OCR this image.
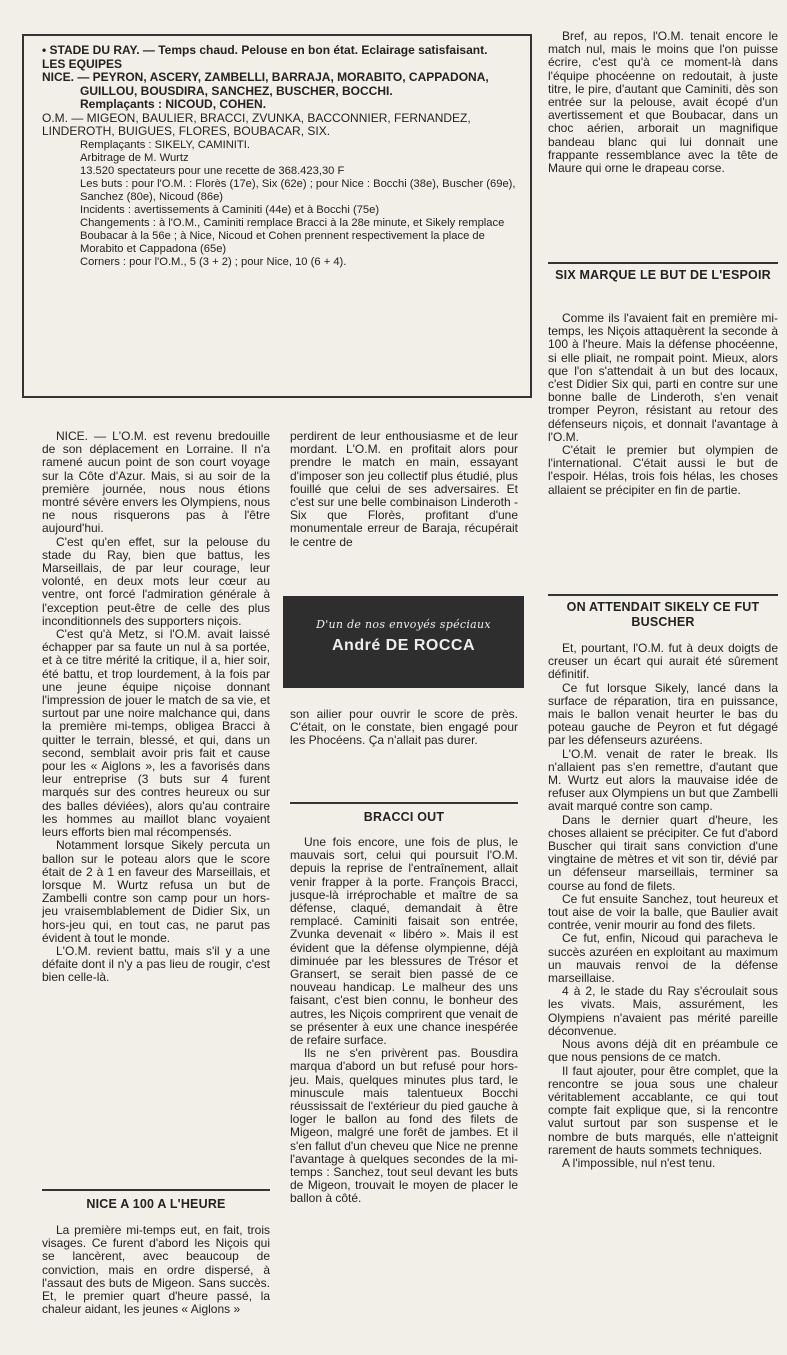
• STADE DU RAY. — Temps chaud. Pelouse en bon état. Eclairage satisfaisant.

LES EQUIPES

NICE. — PEYRON, ASCERY, ZAMBELLI, BARRAJA, MORABITO, CAPPADONA, GUILLOU, BOUSDIRA, SANCHEZ, BUSCHER, BOCCHI.

Remplaçants : NICOUD, COHEN.

O.M. — MIGEON, BAULIER, BRACCI, ZVUNKA, BACCONNIER, FERNANDEZ, LINDEROTH, BUIGUES, FLORES, BOUBACAR, SIX.

Remplaçants : SIKELY, CAMINITI.

Arbitrage de M. Wurtz

13.520 spectateurs pour une recette de 368.423,30 F

Les buts : pour l'O.M. : Florès (17e), Six (62e) ; pour Nice : Bocchi (38e), Buscher (69e), Sanchez (80e), Nicoud (86e)

Incidents : avertissements à Caminiti (44e) et à Bocchi (75e)

Changements : à l'O.M., Caminiti remplace Bracci à la 28e minute, et Sikely remplace Boubacar à la 56e ; à Nice, Nicoud et Cohen prennent respectivement la place de Morabito et Cappadona (65e)

Corners : pour l'O.M., 5 (3 + 2) ; pour Nice, 10 (6 + 4).

NICE. — L'O.M. est revenu bredouille de son déplacement en Lorraine. Il n'a ramené aucun point de son court voyage sur la Côte d'Azur. Mais, si au soir de la première journée, nous nous étions montré sévère envers les Olympiens, nous ne nous risquerons pas à l'être aujourd'hui.

C'est qu'en effet, sur la pelouse du stade du Ray, bien que battus, les Marseillais, de par leur courage, leur volonté, en deux mots leur cœur au ventre, ont forcé l'admiration générale à l'exception peut-être de celle des plus inconditionnels des supporters niçois.

C'est qu'à Metz, si l'O.M. avait laissé échapper par sa faute un nul à sa portée, et à ce titre mérité la critique, il a, hier soir, été battu, et trop lourdement, à la fois par une jeune équipe niçoise donnant l'impression de jouer le match de sa vie, et surtout par une noire malchance qui, dans la première mi-temps, obligea Bracci à quitter le terrain, blessé, et qui, dans un second, semblait avoir pris fait et cause pour les « Aiglons », les a favorisés dans leur entreprise (3 buts sur 4 furent marqués sur des contres heureux ou sur des balles déviées), alors qu'au contraire les hommes au maillot blanc voyaient leurs efforts bien mal récompensés.

Notamment lorsque Sikely percuta un ballon sur le poteau alors que le score était de 2 à 1 en faveur des Marseillais, et lorsque M. Wurtz refusa un but de Zambelli contre son camp pour un hors-jeu vraisemblablement de Didier Six, un hors-jeu qui, en tout cas, ne parut pas évident à tout le monde.

L'O.M. revient battu, mais s'il y a une défaite dont il n'y a pas lieu de rougir, c'est bien celle-là.

NICE A 100 A L'HEURE

La première mi-temps eut, en fait, trois visages. Ce furent d'abord les Niçois qui se lancèrent, avec beaucoup de conviction, mais en ordre dispersé, à l'assaut des buts de Migeon. Sans succès. Et, le premier quart d'heure passé, la chaleur aidant, les jeunes « Aiglons »

perdirent de leur enthousiasme et de leur mordant. L'O.M. en profitait alors pour prendre le match en main, essayant d'imposer son jeu collectif plus étudié, plus fouillé que celui de ses adversaires. Et c'est sur une belle combinaison Linderoth - Six que Florès, profitant d'une monumentale erreur de Baraja, récupérait le centre de

D'un de nos envoyés spéciaux
André DE ROCCA

son ailier pour ouvrir le score de près. C'était, on le constate, bien engagé pour les Phocéens. Ça n'allait pas durer.

BRACCI OUT

Une fois encore, une fois de plus, le mauvais sort, celui qui poursuit l'O.M. depuis la reprise de l'entraînement, allait venir frapper à la porte. François Bracci, jusque-là irréprochable et maître de sa défense, claqué, demandait à être remplacé. Caminiti faisait son entrée, Zvunka devenait « libéro ». Mais il est évident que la défense olympienne, déjà diminuée par les blessures de Trésor et Gransert, se serait bien passé de ce nouveau handicap. Le malheur des uns faisant, c'est bien connu, le bonheur des autres, les Niçois comprirent que venait de se présenter à eux une chance inespérée de refaire surface.

Ils ne s'en privèrent pas. Bousdira marqua d'abord un but refusé pour hors-jeu. Mais, quelques minutes plus tard, le minuscule mais talentueux Bocchi réussissait de l'extérieur du pied gauche à loger le ballon au fond des filets de Migeon, malgré une forêt de jambes. Et il s'en fallut d'un cheveu que Nice ne prenne l'avantage à quelques secondes de la mi-temps : Sanchez, tout seul devant les buts de Migeon, trouvait le moyen de placer le ballon à côté.

Bref, au repos, l'O.M. tenait encore le match nul, mais le moins que l'on puisse écrire, c'est qu'à ce moment-là dans l'équipe phocéenne on redoutait, à juste titre, le pire, d'autant que Caminiti, dès son entrée sur la pelouse, avait écopé d'un avertissement et que Boubacar, dans un choc aérien, arborait un magnifique bandeau blanc qui lui donnait une frappante ressemblance avec la tête de Maure qui orne le drapeau corse.

SIX MARQUE LE BUT DE L'ESPOIR

Comme ils l'avaient fait en première mi-temps, les Niçois attaquèrent la seconde à 100 à l'heure. Mais la défense phocéenne, si elle pliait, ne rompait point. Mieux, alors que l'on s'attendait à un but des locaux, c'est Didier Six qui, parti en contre sur une bonne balle de Linderoth, s'en venait tromper Peyron, résistant au retour des défenseurs niçois, et donnait l'avantage à l'O.M.

C'était le premier but olympien de l'international. C'était aussi le but de l'espoir. Hélas, trois fois hélas, les choses allaient se précipiter en fin de partie.

ON ATTENDAIT SIKELY CE FUT BUSCHER

Et, pourtant, l'O.M. fut à deux doigts de creuser un écart qui aurait été sûrement définitif.

Ce fut lorsque Sikely, lancé dans la surface de réparation, tira en puissance, mais le ballon venait heurter le bas du poteau gauche de Peyron et fut dégagé par les défenseurs azuréens.

L'O.M. venait de rater le break. Ils n'allaient pas s'en remettre, d'autant que M. Wurtz eut alors la mauvaise idée de refuser aux Olympiens un but que Zambelli avait marqué contre son camp.

Dans le dernier quart d'heure, les choses allaient se précipiter. Ce fut d'abord Buscher qui tirait sans conviction d'une vingtaine de mètres et vit son tir, dévié par un défenseur marseillais, terminer sa course au fond de filets.

Ce fut ensuite Sanchez, tout heureux et tout aise de voir la balle, que Baulier avait contrée, venir mourir au fond des filets.

Ce fut, enfin, Nicoud qui paracheva le succès azuréen en exploitant au maximum un mauvais renvoi de la défense marseillaise.

4 à 2, le stade du Ray s'écroulait sous les vivats. Mais, assurément, les Olympiens n'avaient pas mérité pareille déconvenue.

Nous avons déjà dit en préambule ce que nous pensions de ce match.

Il faut ajouter, pour être complet, que la rencontre se joua sous une chaleur véritablement accablante, ce qui tout compte fait explique que, si la rencontre valut surtout par son suspense et le nombre de buts marqués, elle n'atteignit rarement de hauts sommets techniques.

A l'impossible, nul n'est tenu.
